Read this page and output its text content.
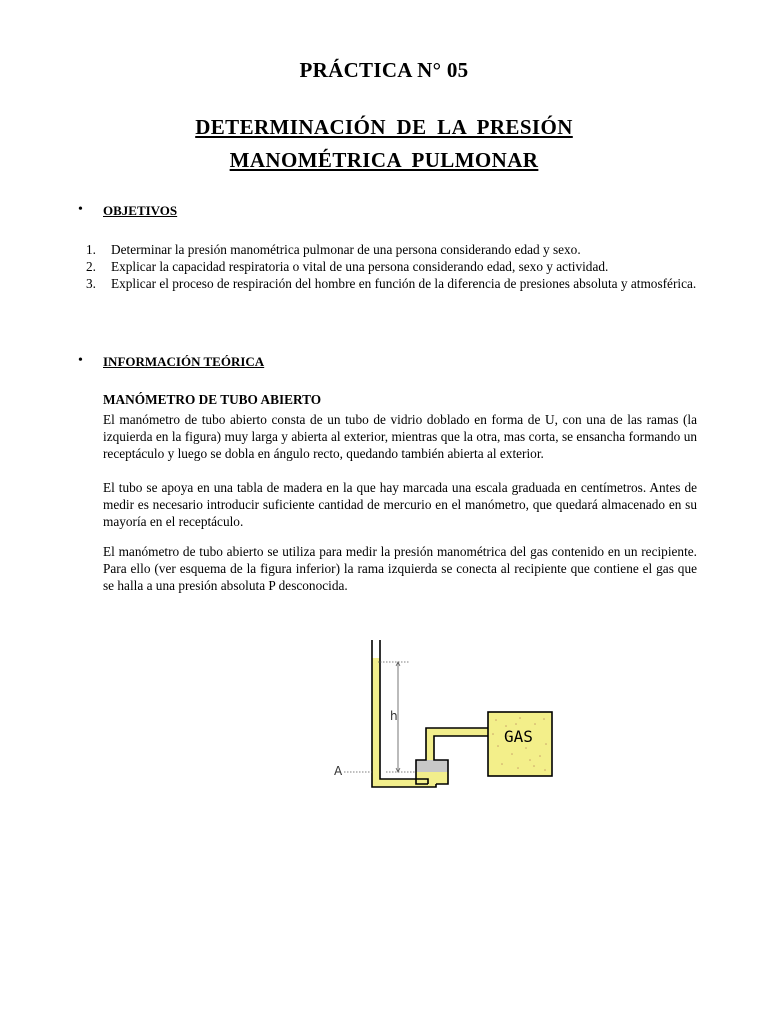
PRÁCTICA N° 05
DETERMINACIÓN DE LA PRESIÓN
MANOMÉTRICA PULMONAR
• OBJETIVOS
1. Determinar la presión manométrica pulmonar de una persona considerando edad y sexo.
2. Explicar la capacidad respiratoria o vital de una persona considerando edad, sexo y actividad.
3. Explicar el proceso de respiración del hombre en función de la diferencia de presiones absoluta y atmosférica.
• INFORMACIÓN TEÓRICA
MANÓMETRO DE TUBO ABIERTO
El manómetro de tubo abierto consta de un tubo de vidrio doblado en forma de U, con una de las ramas (la izquierda en la figura) muy larga y abierta al exterior, mientras que la otra, mas corta, se ensancha formando un receptáculo y luego se dobla en ángulo recto, quedando también abierta al exterior.
El tubo se apoya en una tabla de madera en la que hay marcada una escala graduada en centímetros. Antes de medir es necesario introducir suficiente cantidad de mercurio en el manómetro, que quedará almacenado en su mayoría en el receptáculo.
El manómetro de tubo abierto se utiliza para medir la presión manométrica del gas contenido en un recipiente. Para ello (ver esquema de la figura inferior) la rama izquierda se conecta al recipiente que contiene el gas que se halla a una presión absoluta P desconocida.
GAS
h
A
